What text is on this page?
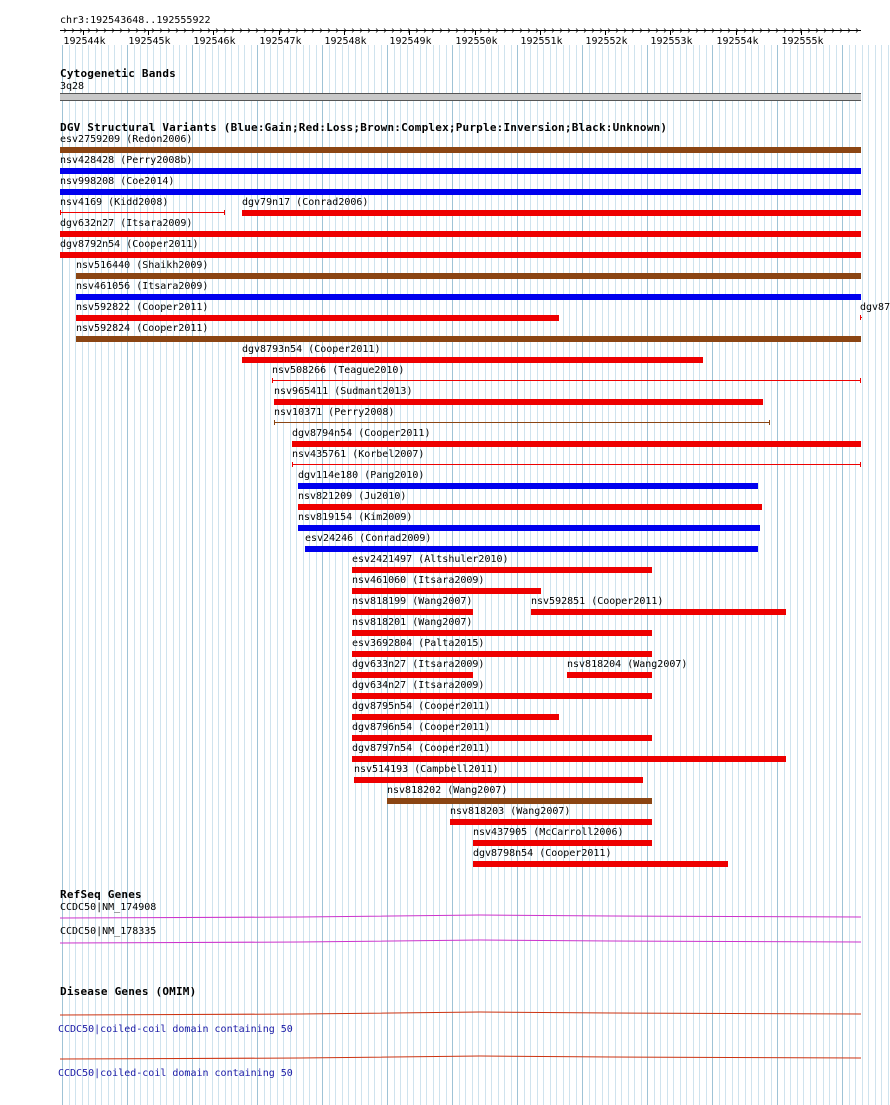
chr3:192543648..192555922
192544k 192545k 192546k 192547k 192548k 192549k 192550k 192551k 192552k 192553k 192554k 192555k
Cytogenetic Bands
3q28
DGV Structural Variants (Blue:Gain;Red:Loss;Brown:Complex;Purple:Inversion;Black:Unknown)
esv2759209 (Redon2006)
nsv428428 (Perry2008b)
nsv998208 (Coe2014)
nsv4169 (Kidd2008)	dgv79n17 (Conrad2006)
dgv632n27 (Itsara2009)
dgv8792n54 (Cooper2011)
nsv516440 (Shaikh2009)
nsv461056 (Itsara2009)
nsv592822 (Cooper2011)	dgv87
nsv592824 (Cooper2011)
dgv8793n54 (Cooper2011)
nsv508266 (Teague2010)
nsv965411 (Sudmant2013)
nsv10371 (Perry2008)
dgv8794n54 (Cooper2011)
nsv435761 (Korbel2007)
dgv114e180 (Pang2010)
nsv821209 (Ju2010)
nsv819154 (Kim2009)
esv24246 (Conrad2009)
esv2421497 (Altshuler2010)
nsv461060 (Itsara2009)
nsv818199 (Wang2007)	nsv592851 (Cooper2011)
nsv818201 (Wang2007)
esv3692804 (Palta2015)
dgv633n27 (Itsara2009)	nsv818204 (Wang2007)
dgv634n27 (Itsara2009)
dgv8795n54 (Cooper2011)
dgv8796n54 (Cooper2011)
dgv8797n54 (Cooper2011)
nsv514193 (Campbell2011)
nsv818202 (Wang2007)
nsv818203 (Wang2007)
nsv437905 (McCarroll2006)
dgv8798n54 (Cooper2011)
RefSeq Genes
CCDC50|NM_174908
CCDC50|NM_178335
Disease Genes (OMIM)
CCDC50|coiled-coil domain containing 50
CCDC50|coiled-coil domain containing 50
